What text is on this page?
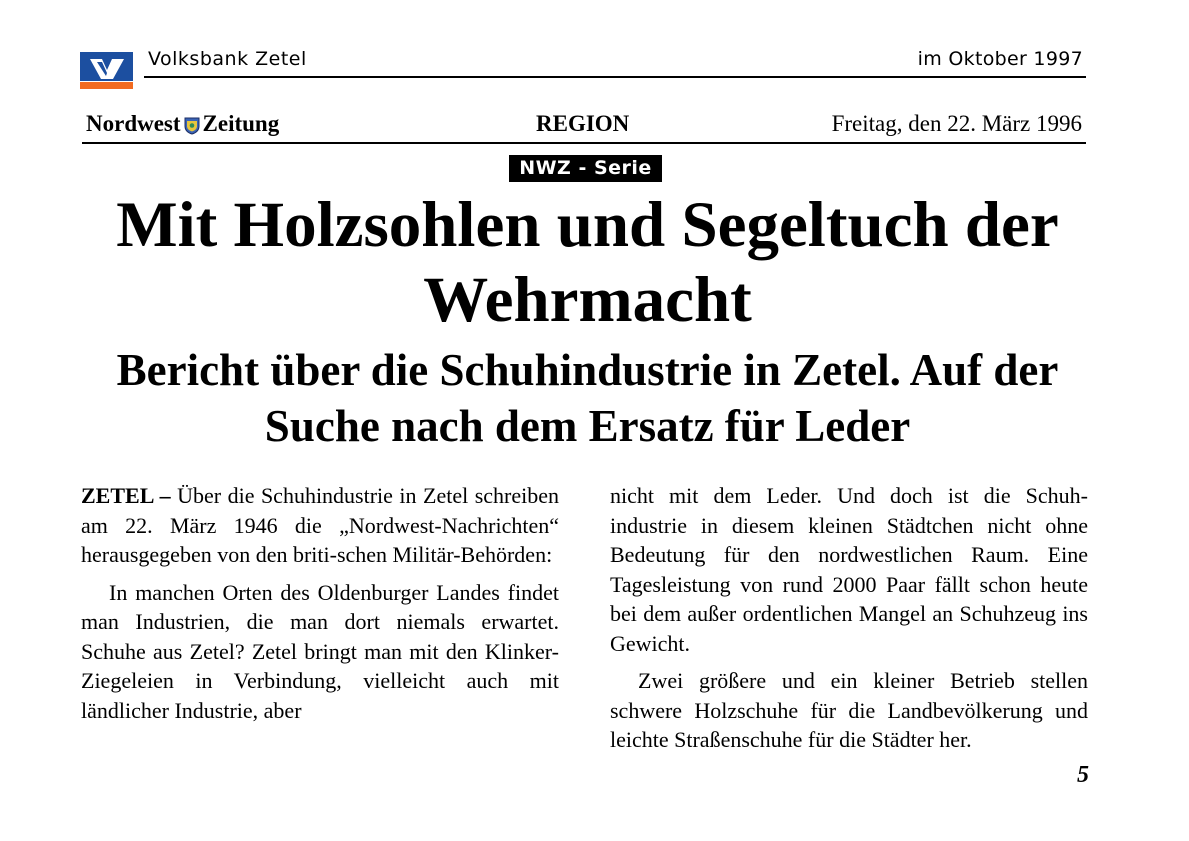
Volksbank Zetel	im Oktober 1997
Nordwest Zeitung	REGION	Freitag, den 22. März 1996
NWZ - Serie
Mit Holzsohlen und Segeltuch der Wehrmacht
Bericht über die Schuhindustrie in Zetel. Auf der Suche nach dem Ersatz für Leder

ZETEL – Über die Schuhindustrie in Zetel schreiben am 22. März 1946 die „Nordwest-Nachrichten“ herausgegeben von den briti-schen Militär-Behörden:

In manchen Orten des Oldenburger Landes findet man Industrien, die man dort niemals erwartet. Schuhe aus Zetel? Zetel bringt man mit den Klinker-Ziegeleien in Verbindung, vielleicht auch mit ländlicher Industrie, aber

nicht mit dem Leder. Und doch ist die Schuh-industrie in diesem kleinen Städtchen nicht ohne Bedeutung für den nordwestlichen Raum. Eine Tagesleistung von rund 2000 Paar fällt schon heute bei dem außer ordentlichen Mangel an Schuhzeug ins Gewicht.

Zwei größere und ein kleiner Betrieb stellen schwere Holzschuhe für die Landbevölkerung und leichte Straßenschuhe für die Städter her.

5
